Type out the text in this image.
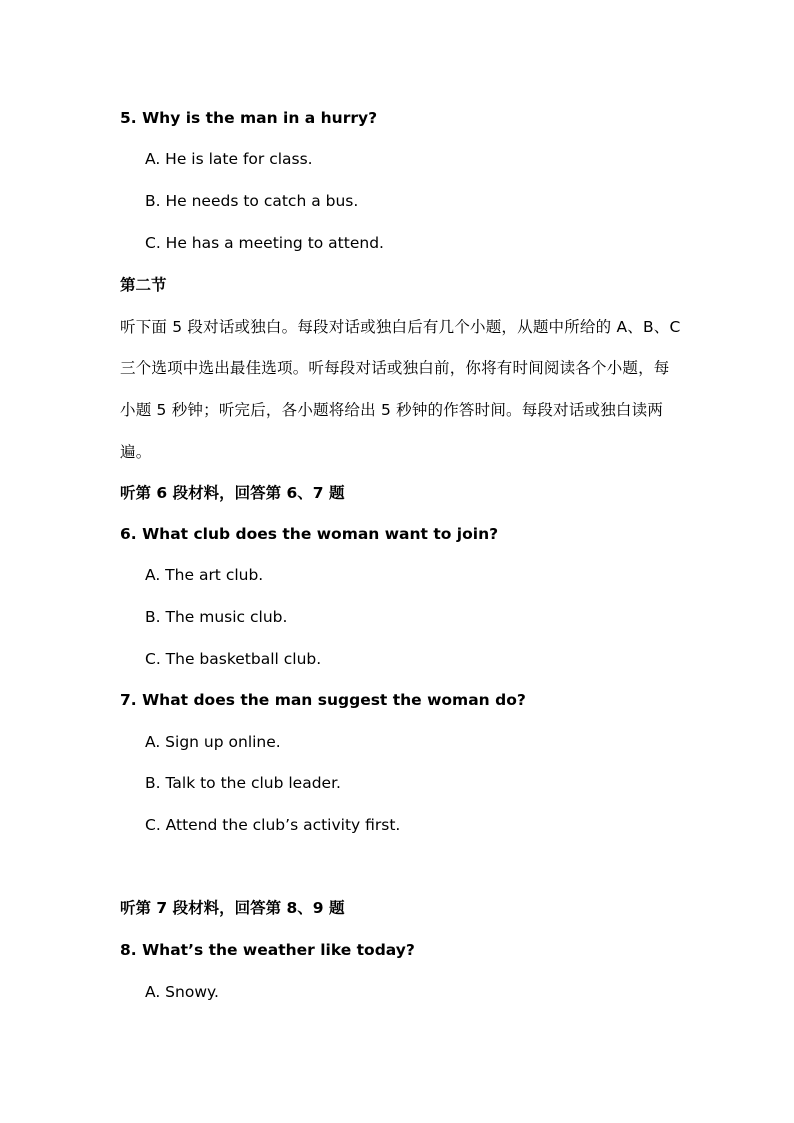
5. Why is the man in a hurry?
A. He is late for class.
B. He needs to catch a bus.
C. He has a meeting to attend.
第二节
听下面 5 段对话或独白。每段对话或独白后有几个小题，从题中所给的 A、B、C
三个选项中选出最佳选项。听每段对话或独白前，你将有时间阅读各个小题，每
小题 5 秒钟；听完后，各小题将给出 5 秒钟的作答时间。每段对话或独白读两
遍。
听第 6 段材料，回答第 6、7 题
6. What club does the woman want to join?
A. The art club.
B. The music club.
C. The basketball club.
7. What does the man suggest the woman do?
A. Sign up online.
B. Talk to the club leader.
C. Attend the club’s activity first.
听第 7 段材料，回答第 8、9 题
8. What’s the weather like today?
A. Snowy.
